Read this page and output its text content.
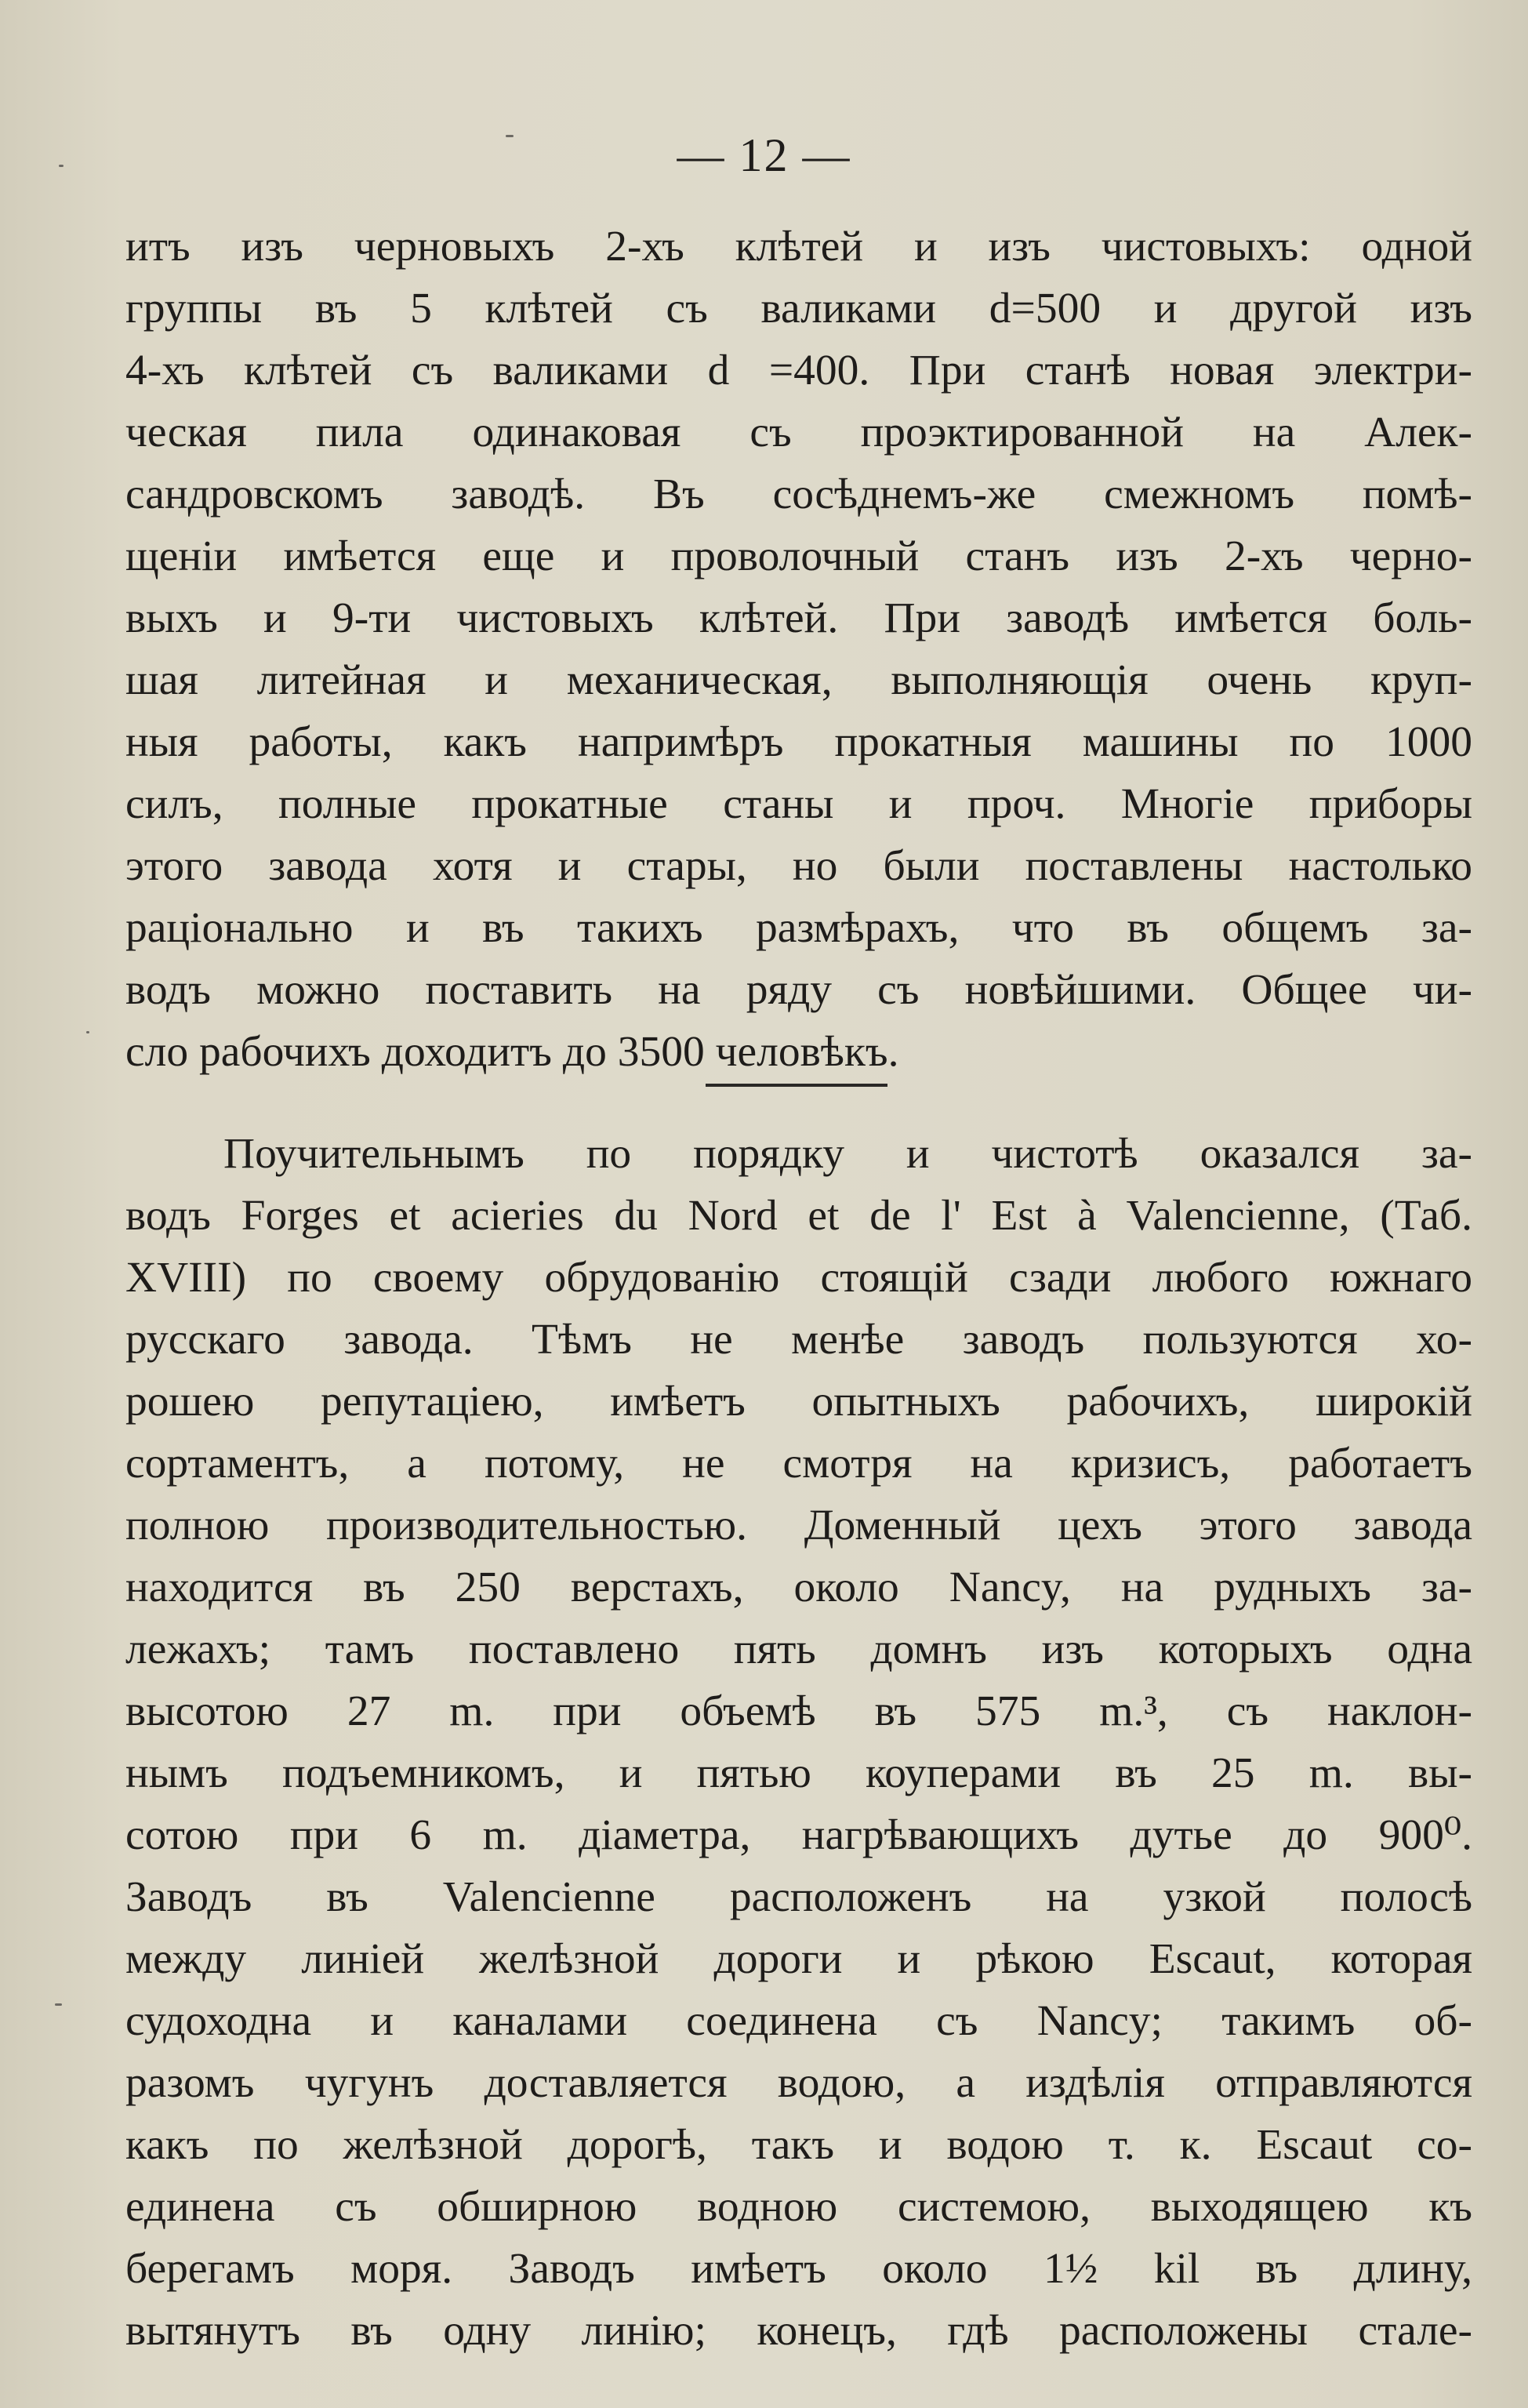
— 12 —
итъ изъ черновыхъ 2-хъ клѣтей и изъ чистовыхъ: одной
группы въ 5 клѣтей съ валиками d=500 и другой изъ
4-хъ клѣтей съ валиками d =400. При станѣ новая электри-
ческая пила одинаковая съ проэктированной на Алек-
сандровскомъ заводѣ. Въ сосѣднемъ-же смежномъ помѣ-
щеніи имѣется еще и проволочный станъ изъ 2-хъ черно-
выхъ и 9-ти чистовыхъ клѣтей. При заводѣ имѣется боль-
шая литейная и механическая, выполняющія очень круп-
ныя работы, какъ напримѣръ прокатныя машины по 1000
силъ, полные прокатные станы и проч. Многіе приборы
этого завода хотя и стары, но были поставлены настолько
раціонально и въ такихъ размѣрахъ, что въ общемъ за-
водъ можно поставить на ряду съ новѣйшими. Общее чи-
сло рабочихъ доходитъ до 3500 человѣкъ.
Поучительнымъ по порядку и чистотѣ оказался за-
водъ Forges et acieries du Nord et de l' Est à Valencienne, (Таб.
XVIII) по своему обрудованію стоящій сзади любого южнаго
русскаго завода. Тѣмъ не менѣе заводъ пользуются хо-
рошею репутаціею, имѣетъ опытныхъ рабочихъ, широкій
сортаментъ, а потому, не смотря на кризисъ, работаетъ
полною производительностью. Доменный цехъ этого завода
находится въ 250 верстахъ, около Nancy, на рудныхъ за-
лежахъ; тамъ поставлено пять домнъ изъ которыхъ одна
высотою 27 m. при объемѣ въ 575 m.³, съ наклон-
нымъ подъемникомъ, и пятью коуперами въ 25 m. вы-
сотою при 6 m. діаметра, нагрѣвающихъ дутье до 900⁰.
Заводъ въ Valencienne расположенъ на узкой полосѣ
между линіей желѣзной дороги и рѣкою Escaut, которая
судоходна и каналами соединена съ Nancy; такимъ об-
разомъ чугунъ доставляется водою, а издѣлія отправляются
какъ по желѣзной дорогѣ, такъ и водою т. к. Escaut со-
единена съ обширною водною системою, выходящею къ
берегамъ моря. Заводъ имѣетъ около 1½ kil въ длину,
вытянутъ въ одну линію; конецъ, гдѣ расположены стале-
